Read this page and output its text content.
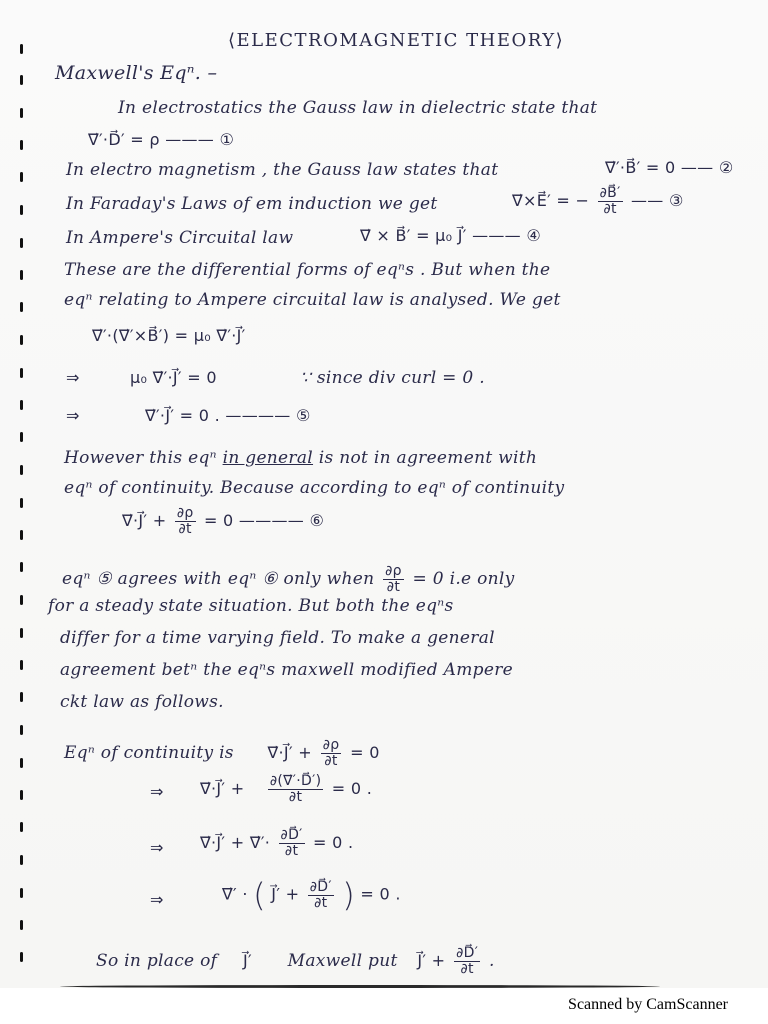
⟨ELECTROMAGNETIC THEORY⟩
Maxwell's Eqⁿ. –
In electrostatics the Gauss law in dielectric state that
∇⃗′·D⃗′ = ρ ——— ①
In electro magnetism , the Gauss law states that	∇⃗′·B⃗′ = 0 —— ②
In Faraday's Laws of em induction we get	∇⃗×E⃗′ = − $\frac{\partial B⃗'}{\partial t}$ —— ③
In Ampere's Circuital law	∇⃗ × B⃗′ = μ₀ J⃗′ ——— ④
These are the differential forms of eqⁿs . But when the
eqⁿ relating to Ampere circuital law is analysed. We get
∇⃗′·(∇⃗′×B⃗′) = μ₀ ∇⃗′·J⃗′
⇒	μ₀ ∇⃗′·J⃗′ = 0	∵ since div curl = 0 .
⇒	∇⃗′·J⃗′ = 0 . ———— ⑤
However this eqⁿ in general is not in agreement with
eqⁿ of continuity. Because according to eqⁿ of continuity
∇⃗·J⃗′ + $\frac{\partial\rho}{\partial t} = 0$ ———— ⑥
eqⁿ ⑤ agrees with eqⁿ ⑥ only when $\frac{\partial\rho}{\partial t} = 0$ i.e only
for a steady state situation. But both the eqⁿs
differ for a time varying field. To make a general
agreement betⁿ the eqⁿs maxwell modified Ampere
ckt law as follows.
Eqⁿ of continuity is ∇⃗·J⃗′ + $\frac{\partial\rho}{\partial t} = 0$
⇒ ∇⃗·J⃗′ + $\frac{\partial(\nabla⃗'\cdot D⃗')}{\partial t} = 0$ .
⇒ ∇⃗·J⃗′ + ∇⃗′· $\frac{\partial D⃗'}{\partial t} = 0$ .
⇒	∇⃗′ · ( J⃗′ + $\frac{\partial D⃗'}{\partial t}$ ) = 0 .
So in place of J⃗′ Maxwell put J⃗′ + $\frac{\partial D⃗'}{\partial t}$ .
Scanned by CamScanner
